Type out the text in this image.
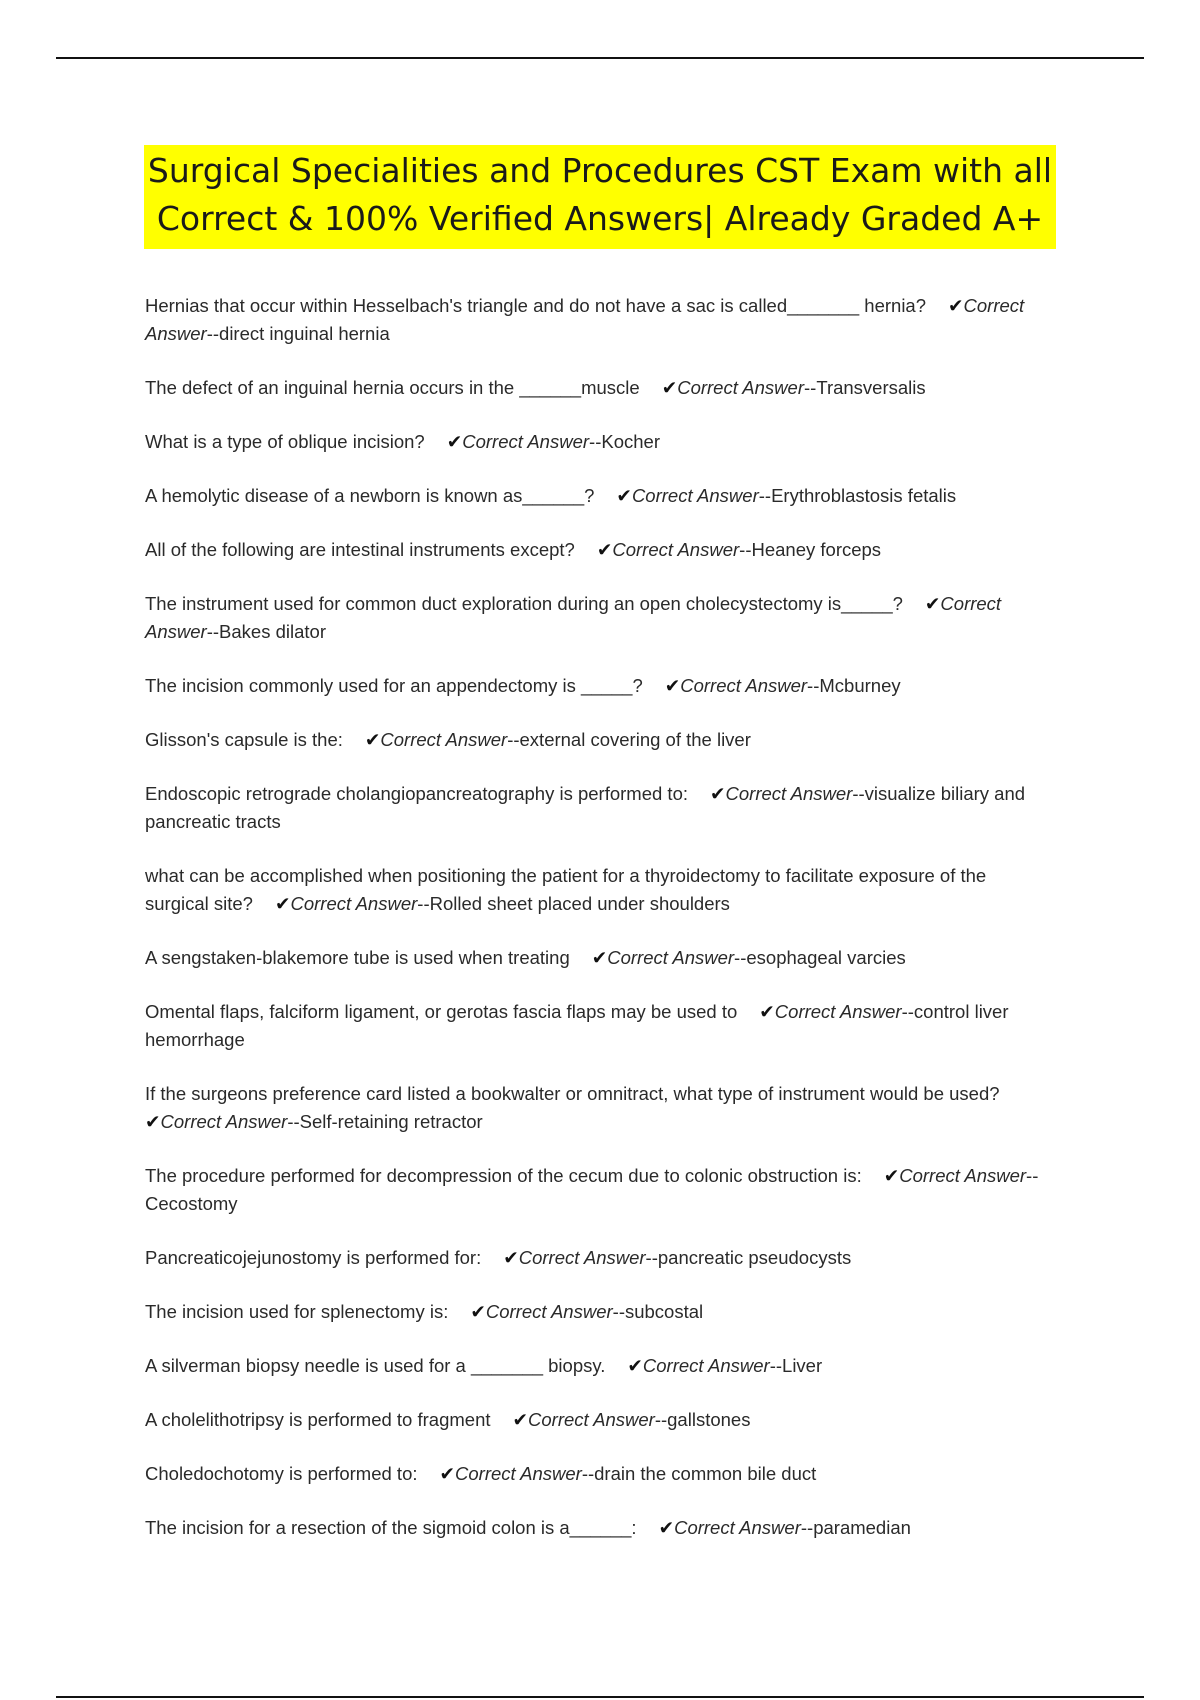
Surgical Specialities and Procedures CST Exam with all
Correct & 100% Verified Answers| Already Graded A+
Hernias that occur within Hesselbach's triangle and do not have a sac is called_______ hernia? ✔Correct Answer--direct inguinal hernia
The defect of an inguinal hernia occurs in the ______muscle ✔Correct Answer--Transversalis
What is a type of oblique incision? ✔Correct Answer--Kocher
A hemolytic disease of a newborn is known as______? ✔Correct Answer--Erythroblastosis fetalis
All of the following are intestinal instruments except? ✔Correct Answer--Heaney forceps
The instrument used for common duct exploration during an open cholecystectomy is_____? ✔Correct Answer--Bakes dilator
The incision commonly used for an appendectomy is _____? ✔Correct Answer--Mcburney
Glisson's capsule is the: ✔Correct Answer--external covering of the liver
Endoscopic retrograde cholangiopancreatography is performed to: ✔Correct Answer--visualize biliary and pancreatic tracts
what can be accomplished when positioning the patient for a thyroidectomy to facilitate exposure of the surgical site? ✔Correct Answer--Rolled sheet placed under shoulders
A sengstaken-blakemore tube is used when treating ✔Correct Answer--esophageal varcies
Omental flaps, falciform ligament, or gerotas fascia flaps may be used to ✔Correct Answer--control liver hemorrhage
If the surgeons preference card listed a bookwalter or omnitract, what type of instrument would be used?✔Correct Answer--Self-retaining retractor
The procedure performed for decompression of the cecum due to colonic obstruction is: ✔Correct Answer--Cecostomy
Pancreaticojejunostomy is performed for: ✔Correct Answer--pancreatic pseudocysts
The incision used for splenectomy is: ✔Correct Answer--subcostal
A silverman biopsy needle is used for a _______ biopsy. ✔Correct Answer--Liver
A cholelithotripsy is performed to fragment ✔Correct Answer--gallstones
Choledochotomy is performed to: ✔Correct Answer--drain the common bile duct
The incision for a resection of the sigmoid colon is a______: ✔Correct Answer--paramedian
